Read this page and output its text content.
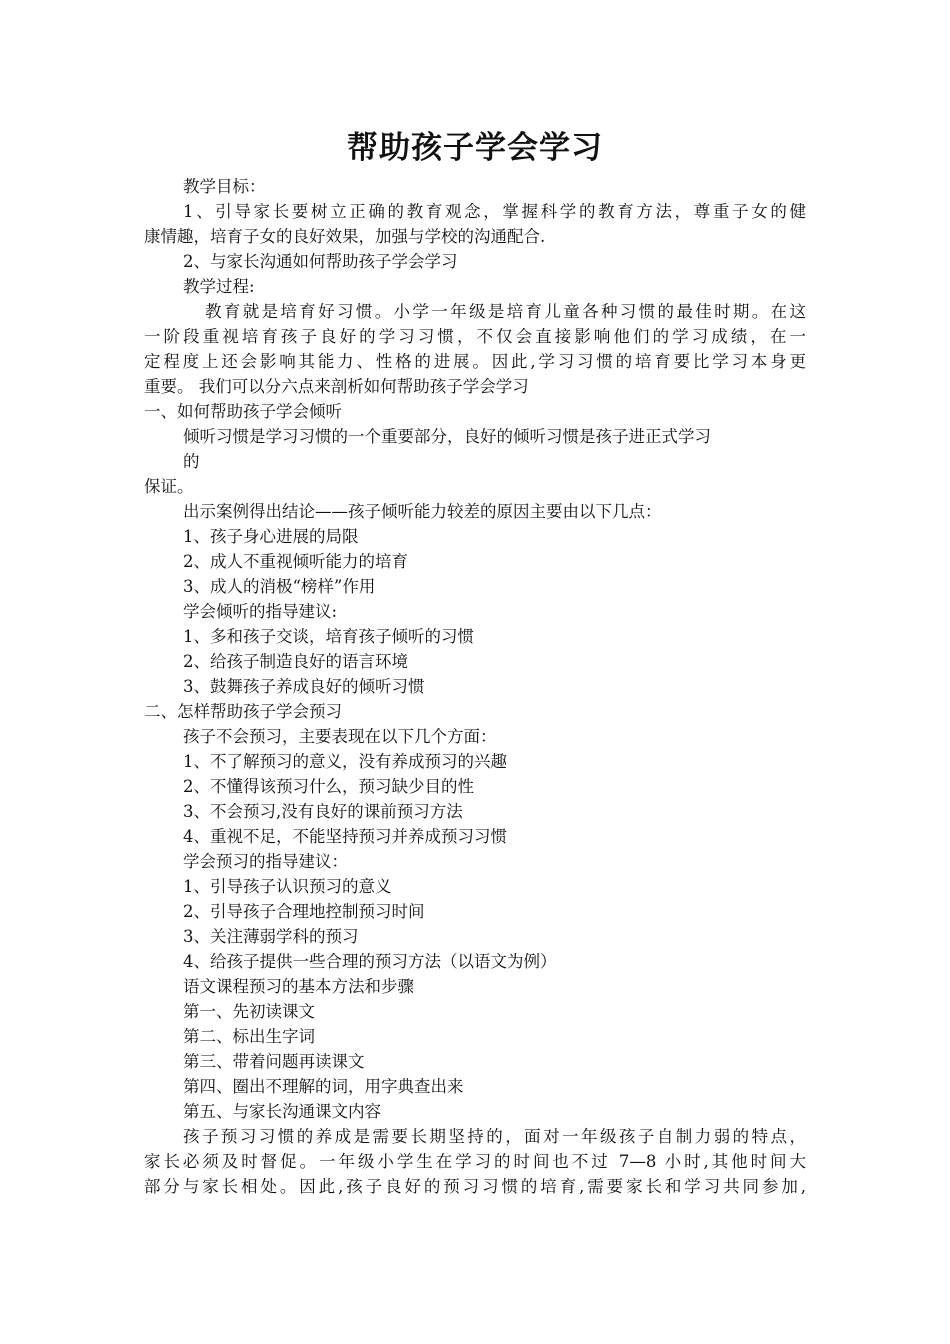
帮助孩子学会学习
教学目标：
1、引导家长要树立正确的教育观念，掌握科学的教育方法，尊重子女的健
康情趣，培育子女的良好效果，加强与学校的沟通配合.
2、与家长沟通如何帮助孩子学会学习
教学过程:
教育就是培育好习惯。小学一年级是培育儿童各种习惯的最佳时期。在这
一阶段重视培育孩子良好的学习习惯，不仅会直接影响他们的学习成绩，在一
定程度上还会影响其能力、性格的进展。因此,学习习惯的培育要比学习本身更
重要。 我们可以分六点来剖析如何帮助孩子学会学习
一、如何帮助孩子学会倾听
倾听习惯是学习习惯的一个重要部分，良好的倾听习惯是孩子进正式学习
的
保证。
出示案例得出结论——孩子倾听能力较差的原因主要由以下几点：
1、孩子身心进展的局限
2、成人不重视倾听能力的培育
3、成人的消极“榜样”作用
学会倾听的指导建议:
1、多和孩子交谈，培育孩子倾听的习惯
2、给孩子制造良好的语言环境
3、鼓舞孩子养成良好的倾听习惯
二、怎样帮助孩子学会预习
孩子不会预习，主要表现在以下几个方面：
1、不了解预习的意义，没有养成预习的兴趣
2、不懂得该预习什么，预习缺少目的性
3、不会预习,没有良好的课前预习方法
4、重视不足，不能坚持预习并养成预习习惯
学会预习的指导建议：
1、引导孩子认识预习的意义
2、引导孩子合理地控制预习时间
3、关注薄弱学科的预习
4、给孩子提供一些合理的预习方法（以语文为例）
语文课程预习的基本方法和步骤
第一、先初读课文
第二、标出生字词
第三、带着问题再读课文
第四、圈出不理解的词，用字典查出来
第五、与家长沟通课文内容
孩子预习习惯的养成是需要长期坚持的，面对一年级孩子自制力弱的特点，
家长必须及时督促。一年级小学生在学习的时间也不过 7—8 小时,其他时间大
部分与家长相处。因此,孩子良好的预习习惯的培育,需要家长和学习共同参加,
